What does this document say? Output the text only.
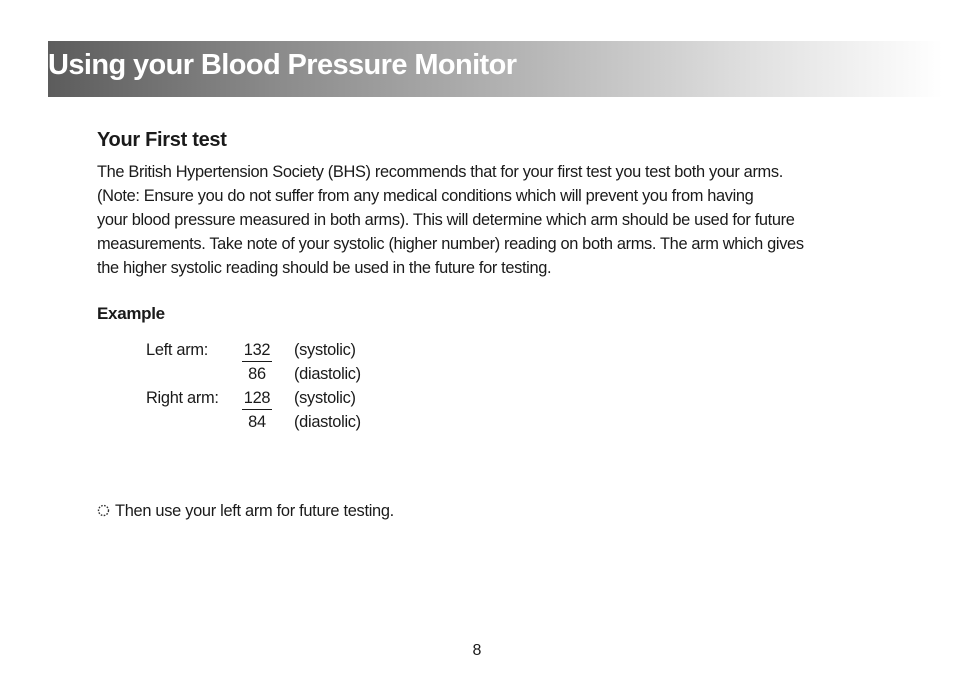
Using your Blood Pressure Monitor
Your First test
The British Hypertension Society (BHS) recommends that for your first test you test both your arms.
(Note: Ensure you do not suffer from any medical conditions which will prevent you from having
your blood pressure measured in both arms). This will determine which arm should be used for future
measurements. Take note of your systolic (higher number) reading on both arms. The arm which gives
the higher systolic reading should be used in the future for testing.
Example
Left arm: 132 (systolic)
86	(diastolic)
Right arm: 128 (systolic)
84	(diastolic)
Then use your left arm for future testing.
8
